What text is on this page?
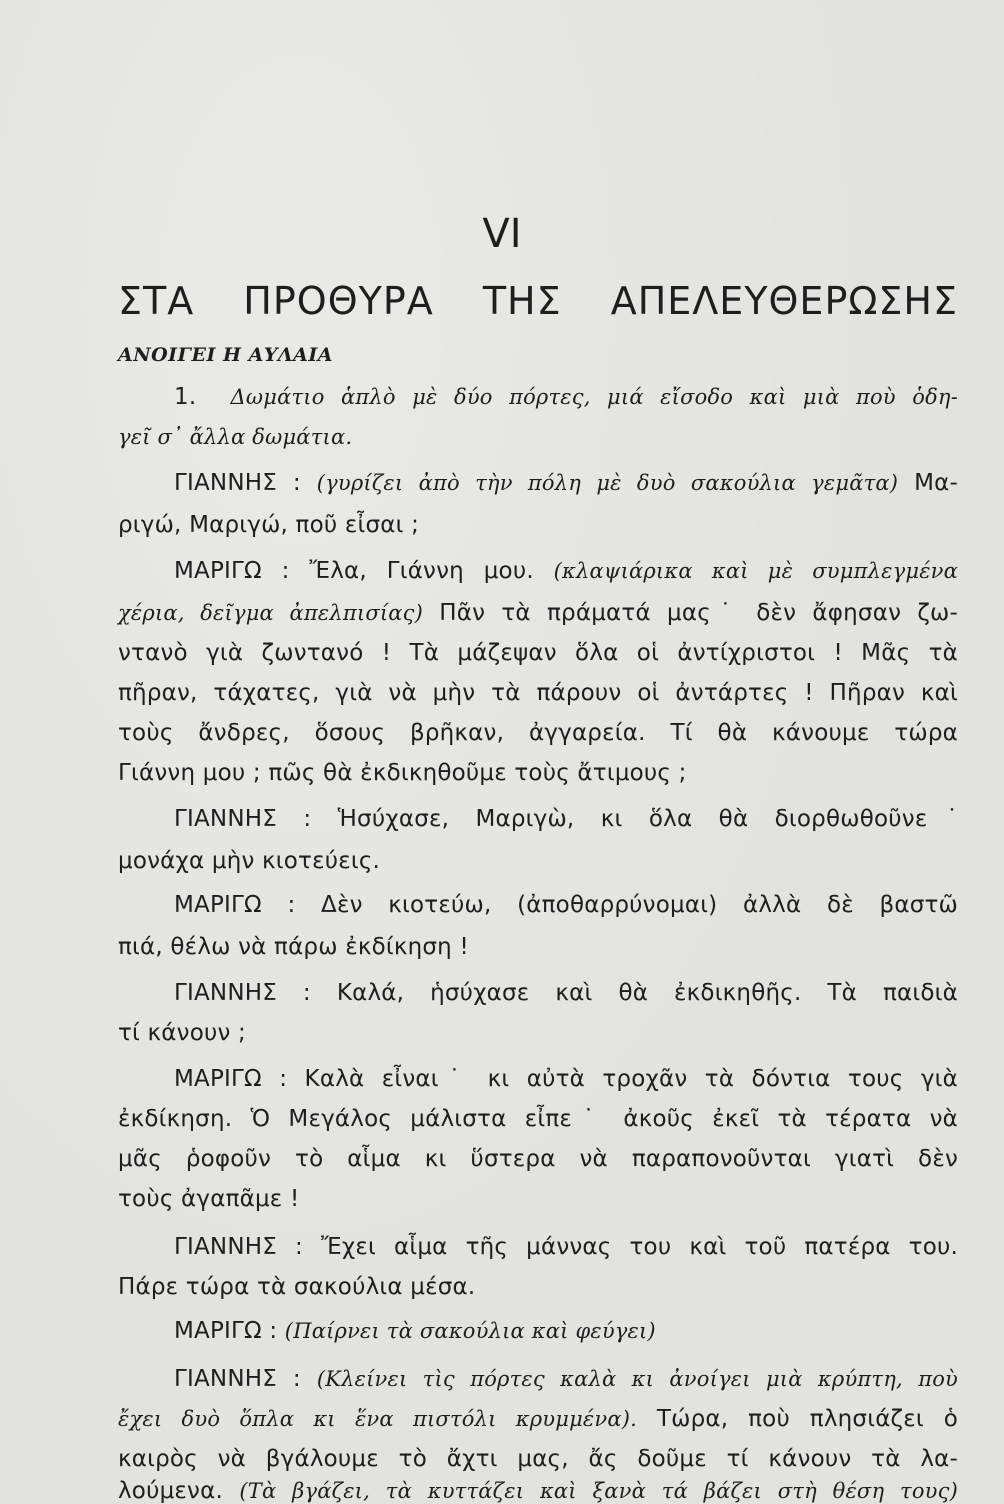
VI
ΣΤΑ ΠΡΟΘΥΡΑ ΤΗΣ ΑΠΕΛΕΥΘΕΡΩΣΗΣ
ΑΝΟΙΓΕΙ Η ΑΥΛΑΙΑ
1. Δωμάτιο ἁπλὸ μὲ δύο πόρτες, μιά εἴσοδο καὶ μιὰ ποὺ ὁδη-
γεῖ σ᾿ ἄλλα δωμάτια.
ΓΙΑΝΝΗΣ : (γυρίζει ἀπὸ τὴν πόλη μὲ δυὸ σακούλια γεμᾶτα) Μα-
ριγώ, Μαριγώ, ποῦ εἶσαι ;
ΜΑΡΙΓΩ : Ἔλα, Γιάννη μου. (κλαψιάρικα καὶ μὲ συμπλεγμένα
χέρια, δεῖγμα ἀπελπισίας) Πᾶν τὰ πράματά μας˙ δὲν ἄφησαν ζω-
ντανὸ γιὰ ζωντανό ! Τὰ μάζεψαν ὅλα οἱ ἀντίχριστοι ! Μᾶς τὰ
πῆραν, τάχατες, γιὰ νὰ μὴν τὰ πάρουν οἱ ἀντάρτες ! Πῆραν καὶ
τοὺς ἄνδρες, ὅσους βρῆκαν, ἀγγαρεία. Τί θὰ κάνουμε τώρα
Γιάννη μου ; πῶς θὰ ἐκδικηθοῦμε τοὺς ἄτιμους ;
ΓΙΑΝΝΗΣ : Ἡσύχασε, Μαριγὼ, κι ὅλα θὰ διορθωθοῦνε˙
μονάχα μὴν κιοτεύεις.
ΜΑΡΙΓΩ : Δὲν κιοτεύω, (ἀποθαρρύνομαι) ἀλλὰ δὲ βαστῶ
πιά, θέλω νὰ πάρω ἐκδίκηση !
ΓΙΑΝΝΗΣ : Καλά, ἡσύχασε καὶ θὰ ἐκδικηθῆς. Τὰ παιδιὰ
τί κάνουν ;
ΜΑΡΙΓΩ : Καλὰ εἶναι˙ κι αὐτὰ τροχᾶν τὰ δόντια τους γιὰ
ἐκδίκηση. Ὁ Μεγάλος μάλιστα εἶπε˙ ἀκοῦς ἐκεῖ τὰ τέρατα νὰ
μᾶς ῥοφοῦν τὸ αἷμα κι ὕστερα νὰ παραπονοῦνται γιατὶ δὲν
τοὺς ἀγαπᾶμε !
ΓΙΑΝΝΗΣ : Ἔχει αἷμα τῆς μάννας του καὶ τοῦ πατέρα του.
Πάρε τώρα τὰ σακούλια μέσα.
ΜΑΡΙΓΩ : (Παίρνει τὰ σακούλια καὶ φεύγει)
ΓΙΑΝΝΗΣ : (Κλείνει τὶς πόρτες καλὰ κι ἀνοίγει μιὰ κρύπτη, ποὺ
ἔχει δυὸ ὅπλα κι ἕνα πιστόλι κρυμμένα). Τώρα, ποὺ πλησιάζει ὁ
καιρὸς νὰ βγάλουμε τὸ ἄχτι μας, ἄς δοῦμε τί κάνουν τὰ λα-
λούμενα. (Τὰ βγάζει, τὰ κυττάζει καὶ ξανὰ τά βάζει στὴ θέση τους)
